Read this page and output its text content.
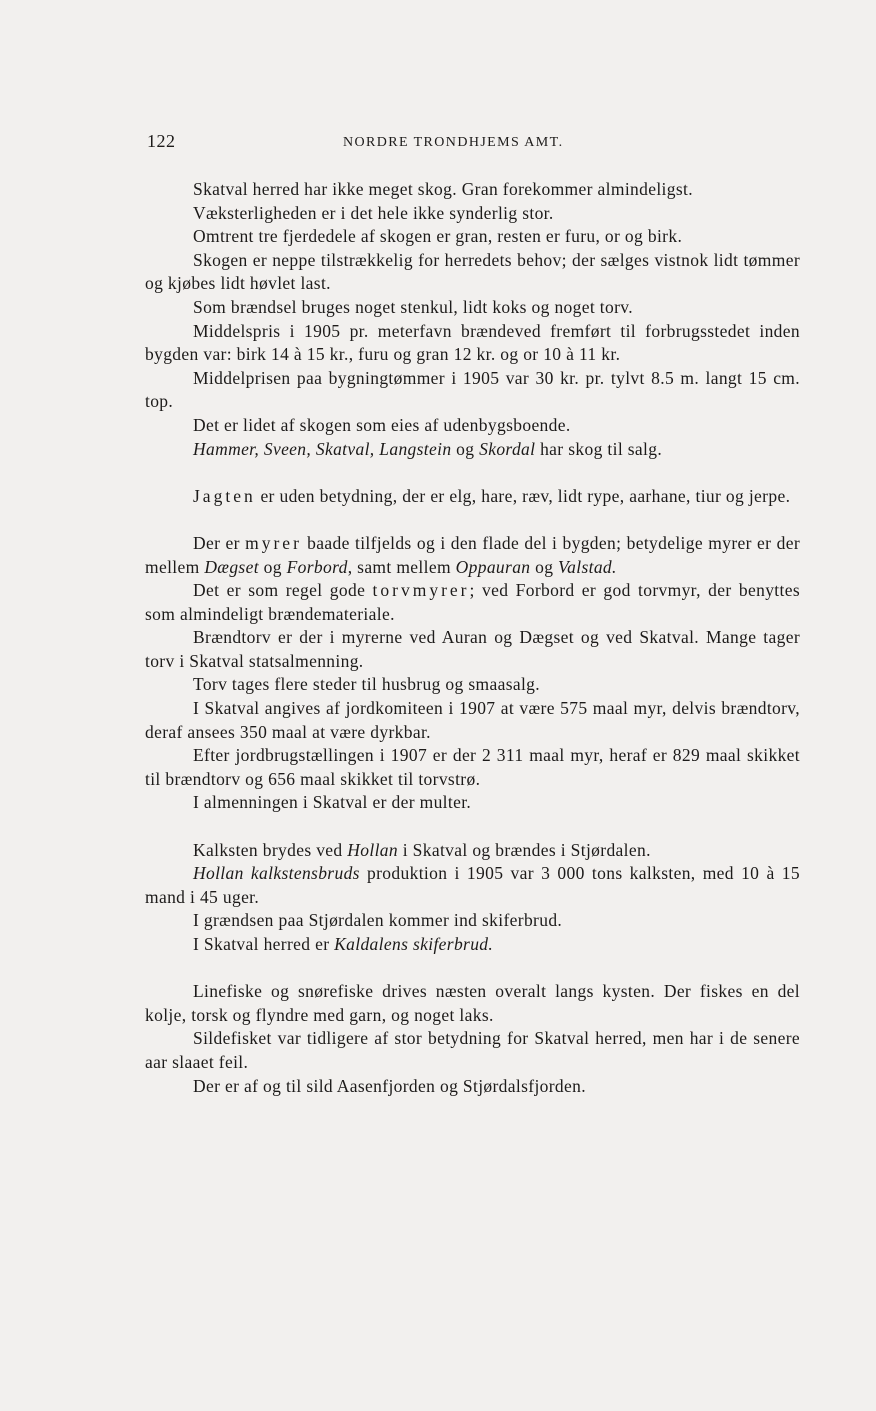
122	NORDRE TRONDHJEMS AMT.

Skatval herred har ikke meget skog. Gran forekommer almindeligst.

Væksterligheden er i det hele ikke synderlig stor.

Omtrent tre fjerdedele af skogen er gran, resten er furu, or og birk.

Skogen er neppe tilstrækkelig for herredets behov; der sælges vistnok lidt tømmer og kjøbes lidt høvlet last.

Som brændsel bruges noget stenkul, lidt koks og noget torv.

Middelspris i 1905 pr. meterfavn brændeved fremført til forbrugsstedet inden bygden var: birk 14 à 15 kr., furu og gran 12 kr. og or 10 à 11 kr.

Middelprisen paa bygningtømmer i 1905 var 30 kr. pr. tylvt 8.5 m. langt 15 cm. top.

Det er lidet af skogen som eies af udenbygsboende.

Hammer, Sveen, Skatval, Langstein og Skordal har skog til salg.

Jagten er uden betydning, der er elg, hare, ræv, lidt rype, aarhane, tiur og jerpe.

Der er myrer baade tilfjelds og i den flade del i bygden; betydelige myrer er der mellem Dægset og Forbord, samt mellem Oppauran og Valstad.

Det er som regel gode torvmyrer; ved Forbord er god torvmyr, der benyttes som almindeligt brændemateriale.

Brændtorv er der i myrerne ved Auran og Dægset og ved Skatval. Mange tager torv i Skatval statsalmenning.

Torv tages flere steder til husbrug og smaasalg.

I Skatval angives af jordkomiteen i 1907 at være 575 maal myr, delvis brændtorv, deraf ansees 350 maal at være dyrkbar.

Efter jordbrugstællingen i 1907 er der 2 311 maal myr, heraf er 829 maal skikket til brændtorv og 656 maal skikket til torvstrø.

I almenningen i Skatval er der multer.

Kalksten brydes ved Hollan i Skatval og brændes i Stjørdalen.

Hollan kalkstensbruds produktion i 1905 var 3 000 tons kalksten, med 10 à 15 mand i 45 uger.

I grændsen paa Stjørdalen kommer ind skiferbrud.

I Skatval herred er Kaldalens skiferbrud.

Linefiske og snørefiske drives næsten overalt langs kysten. Der fiskes en del kolje, torsk og flyndre med garn, og noget laks.

Sildefisket var tidligere af stor betydning for Skatval herred, men har i de senere aar slaaet feil.

Der er af og til sild Aasenfjorden og Stjørdalsfjorden.
